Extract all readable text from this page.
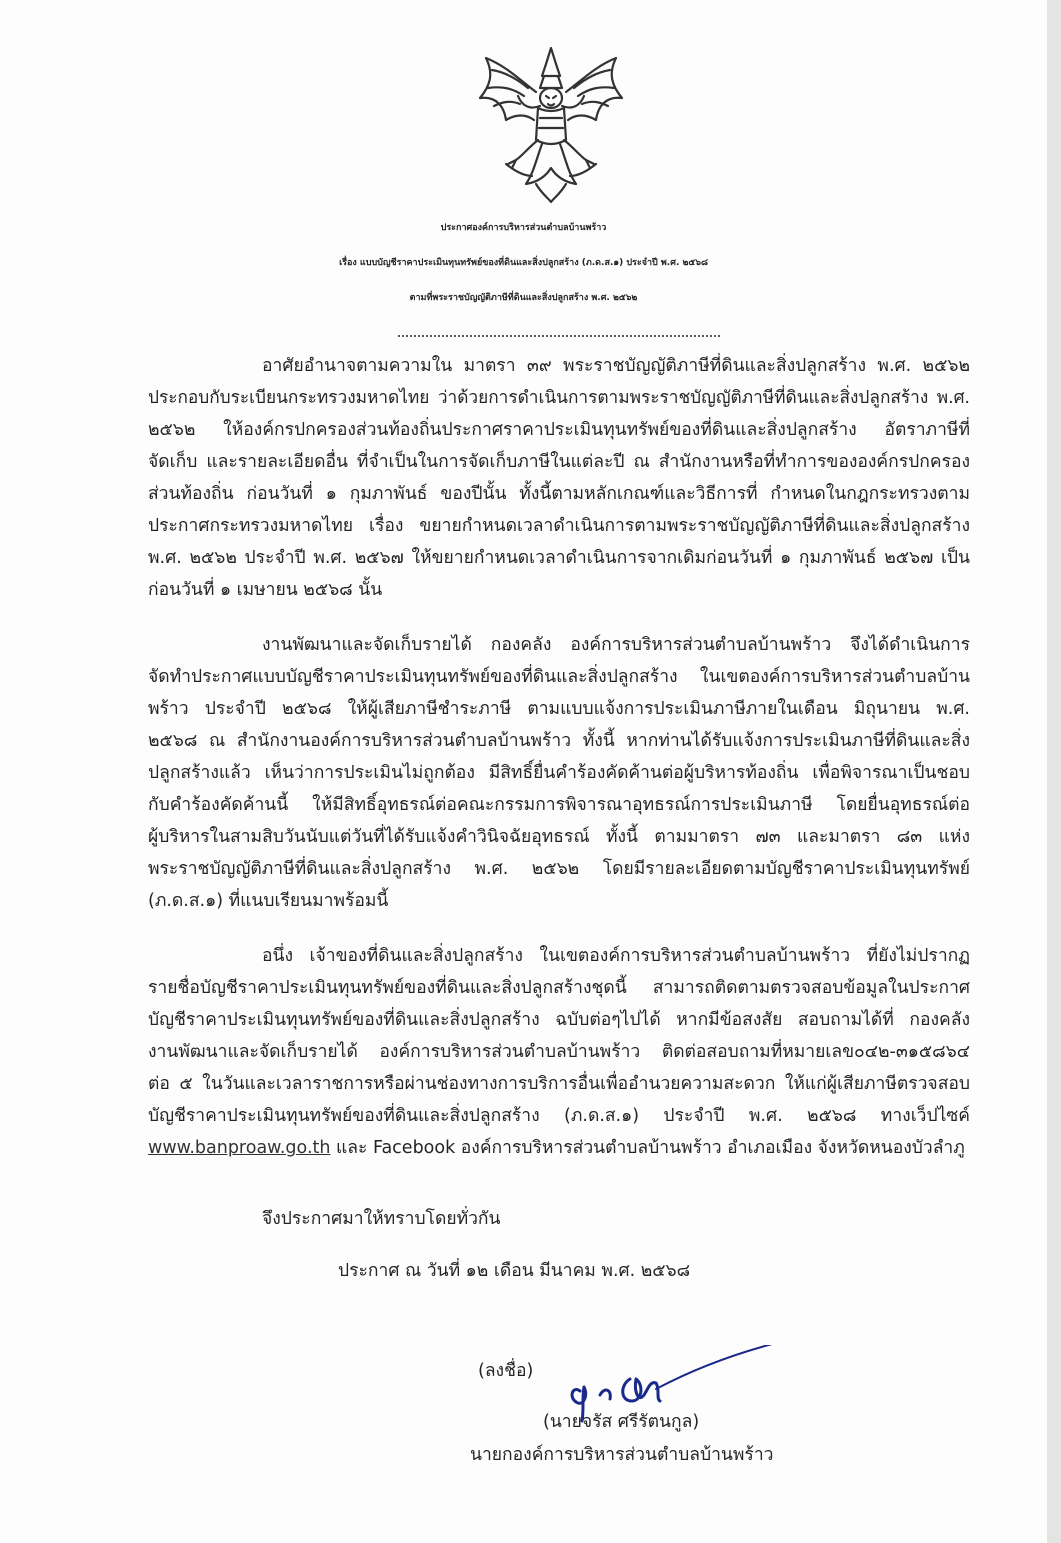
ประกาศองค์การบริหารส่วนตำบลบ้านพร้าว
เรื่อง แบบบัญชีราคาประเมินทุนทรัพย์ของที่ดินและสิ่งปลูกสร้าง (ภ.ด.ส.๑) ประจำปี พ.ศ. ๒๕๖๘
ตามที่พระราชบัญญัติภาษีที่ดินและสิ่งปลูกสร้าง พ.ศ. ๒๕๖๒
อาศัยอำนาจตามความใน มาตรา ๓๙ พระราชบัญญัติภาษีที่ดินและสิ่งปลูกสร้าง พ.ศ. ๒๕๖๒
ประกอบกับระเบียนกระทรวงมหาดไทย ว่าด้วยการดำเนินการตามพระราชบัญญัติภาษีที่ดินและสิ่งปลูกสร้าง พ.ศ.
๒๕๖๒ ให้องค์กรปกครองส่วนท้องถิ่นประกาศราคาประเมินทุนทรัพย์ของที่ดินและสิ่งปลูกสร้าง อัตราภาษีที่
จัดเก็บ และรายละเอียดอื่น ที่จำเป็นในการจัดเก็บภาษีในแต่ละปี ณ สำนักงานหรือที่ทำการขององค์กรปกครอง
ส่วนท้องถิ่น ก่อนวันที่ ๑ กุมภาพันธ์ ของปีนั้น ทั้งนี้ตามหลักเกณฑ์และวิธีการที่ กำหนดในกฎกระทรวงตาม
ประกาศกระทรวงมหาดไทย เรื่อง ขยายกำหนดเวลาดำเนินการตามพระราชบัญญัติภาษีที่ดินและสิ่งปลูกสร้าง
พ.ศ. ๒๕๖๒ ประจำปี พ.ศ. ๒๕๖๗ ให้ขยายกำหนดเวลาดำเนินการจากเดิมก่อนวันที่ ๑ กุมภาพันธ์ ๒๕๖๗ เป็น
ก่อนวันที่ ๑ เมษายน ๒๕๖๘ นั้น
งานพัฒนาและจัดเก็บรายได้ กองคลัง องค์การบริหารส่วนตำบลบ้านพร้าว จึงได้ดำเนินการ
จัดทำประกาศแบบบัญชีราคาประเมินทุนทรัพย์ของที่ดินและสิ่งปลูกสร้าง ในเขตองค์การบริหารส่วนตำบลบ้าน
พร้าว ประจำปี ๒๕๖๘ ให้ผู้เสียภาษีชำระภาษี ตามแบบแจ้งการประเมินภาษีภายในเดือน มิถุนายน พ.ศ.
๒๕๖๘ ณ สำนักงานองค์การบริหารส่วนตำบลบ้านพร้าว ทั้งนี้ หากท่านได้รับแจ้งการประเมินภาษีที่ดินและสิ่ง
ปลูกสร้างแล้ว เห็นว่าการประเมินไม่ถูกต้อง มีสิทธิ์ยื่นคำร้องคัดค้านต่อผู้บริหารท้องถิ่น เพื่อพิจารณาเป็นชอบ
กับคำร้องคัดค้านนี้ ให้มีสิทธิ์อุทธรณ์ต่อคณะกรรมการพิจารณาอุทธรณ์การประเมินภาษี โดยยื่นอุทธรณ์ต่อ
ผู้บริหารในสามสิบวันนับแต่วันที่ได้รับแจ้งคำวินิจฉัยอุทธรณ์ ทั้งนี้ ตามมาตรา ๗๓ และมาตรา ๘๓ แห่ง
พระราชบัญญัติภาษีที่ดินและสิ่งปลูกสร้าง พ.ศ. ๒๕๖๒ โดยมีรายละเอียดตามบัญชีราคาประเมินทุนทรัพย์
(ภ.ด.ส.๑) ที่แนบเรียนมาพร้อมนี้
อนึ่ง เจ้าของที่ดินและสิ่งปลูกสร้าง ในเขตองค์การบริหารส่วนตำบลบ้านพร้าว ที่ยังไม่ปรากฏ
รายชื่อบัญชีราคาประเมินทุนทรัพย์ของที่ดินและสิ่งปลูกสร้างชุดนี้ สามารถติดตามตรวจสอบข้อมูลในประกาศ
บัญชีราคาประเมินทุนทรัพย์ของที่ดินและสิ่งปลูกสร้าง ฉบับต่อๆไปได้ หากมีข้อสงสัย สอบถามได้ที่ กองคลัง
งานพัฒนาและจัดเก็บรายได้ องค์การบริหารส่วนตำบลบ้านพร้าว ติดต่อสอบถามที่หมายเลข๐๔๒-๓๑๕๘๖๔
ต่อ ๕ ในวันและเวลาราชการหรือผ่านช่องทางการบริการอื่นเพื่ออำนวยความสะดวก ให้แก่ผู้เสียภาษีตรวจสอบ
บัญชีราคาประเมินทุนทรัพย์ของที่ดินและสิ่งปลูกสร้าง (ภ.ด.ส.๑) ประจำปี พ.ศ. ๒๕๖๘ ทางเว็ปไซค์
www.banproaw.go.th และ Facebook องค์การบริหารส่วนตำบลบ้านพร้าว อำเภอเมือง จังหวัดหนองบัวลำภู
จึงประกาศมาให้ทราบโดยทั่วกัน
ประกาศ ณ วันที่ ๑๒ เดือน มีนาคม พ.ศ. ๒๕๖๘
(ลงชื่อ)
(นายจรัส ศรีรัตนกูล)
นายกองค์การบริหารส่วนตำบลบ้านพร้าว
